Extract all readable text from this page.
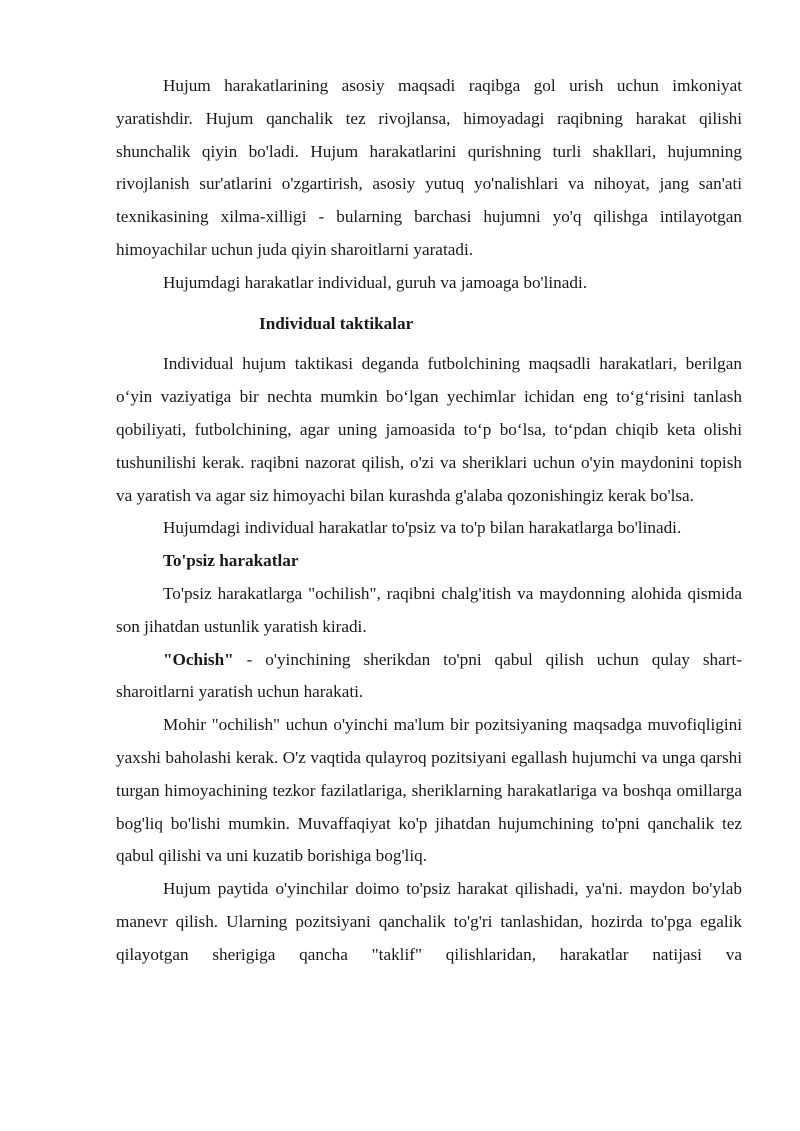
Hujum harakatlarining asosiy maqsadi raqibga gol urish uchun imkoniyat yaratishdir. Hujum qanchalik tez rivojlansa, himoyadagi raqibning harakat qilishi shunchalik qiyin bo'ladi. Hujum harakatlarini qurishning turli shakllari, hujumning rivojlanish sur'atlarini o'zgartirish, asosiy yutuq yo'nalishlari va nihoyat, jang san'ati texnikasining xilma-xilligi - bularning barchasi hujumni yo'q qilishga intilayotgan himoyachilar uchun juda qiyin sharoitlarni yaratadi.

Hujumdagi harakatlar individual, guruh va jamoaga bo'linadi.

Individual taktikalar

Individual hujum taktikasi deganda futbolchining maqsadli harakatlari, berilgan o‘yin vaziyatiga bir nechta mumkin bo‘lgan yechimlar ichidan eng to‘g‘risini tanlash qobiliyati, futbolchining, agar uning jamoasida to‘p bo‘lsa, to‘pdan chiqib keta olishi tushunilishi kerak. raqibni nazorat qilish, o'zi va sheriklari uchun o'yin maydonini topish va yaratish va agar siz himoyachi bilan kurashda g'alaba qozonishingiz kerak bo'lsa.

Hujumdagi individual harakatlar to'psiz va to'p bilan harakatlarga bo'linadi.

To'psiz harakatlar

To'psiz harakatlarga "ochilish", raqibni chalg'itish va maydonning alohida qismida son jihatdan ustunlik yaratish kiradi.

"Ochish" - o'yinchining sherikdan to'pni qabul qilish uchun qulay shart-sharoitlarni yaratish uchun harakati.

Mohir "ochilish" uchun o'yinchi ma'lum bir pozitsiyaning maqsadga muvofiqligini yaxshi baholashi kerak. O'z vaqtida qulayroq pozitsiyani egallash hujumchi va unga qarshi turgan himoyachining tezkor fazilatlariga, sheriklarning harakatlariga va boshqa omillarga bog'liq bo'lishi mumkin. Muvaffaqiyat ko'p jihatdan hujumchining to'pni qanchalik tez qabul qilishi va uni kuzatib borishiga bog'liq.

Hujum paytida o'yinchilar doimo to'psiz harakat qilishadi, ya'ni. maydon bo'ylab manevr qilish. Ularning pozitsiyani qanchalik to'g'ri tanlashidan, hozirda to'pga egalik qilayotgan sherigiga qancha "taklif" qilishlaridan, harakatlar natijasi va
